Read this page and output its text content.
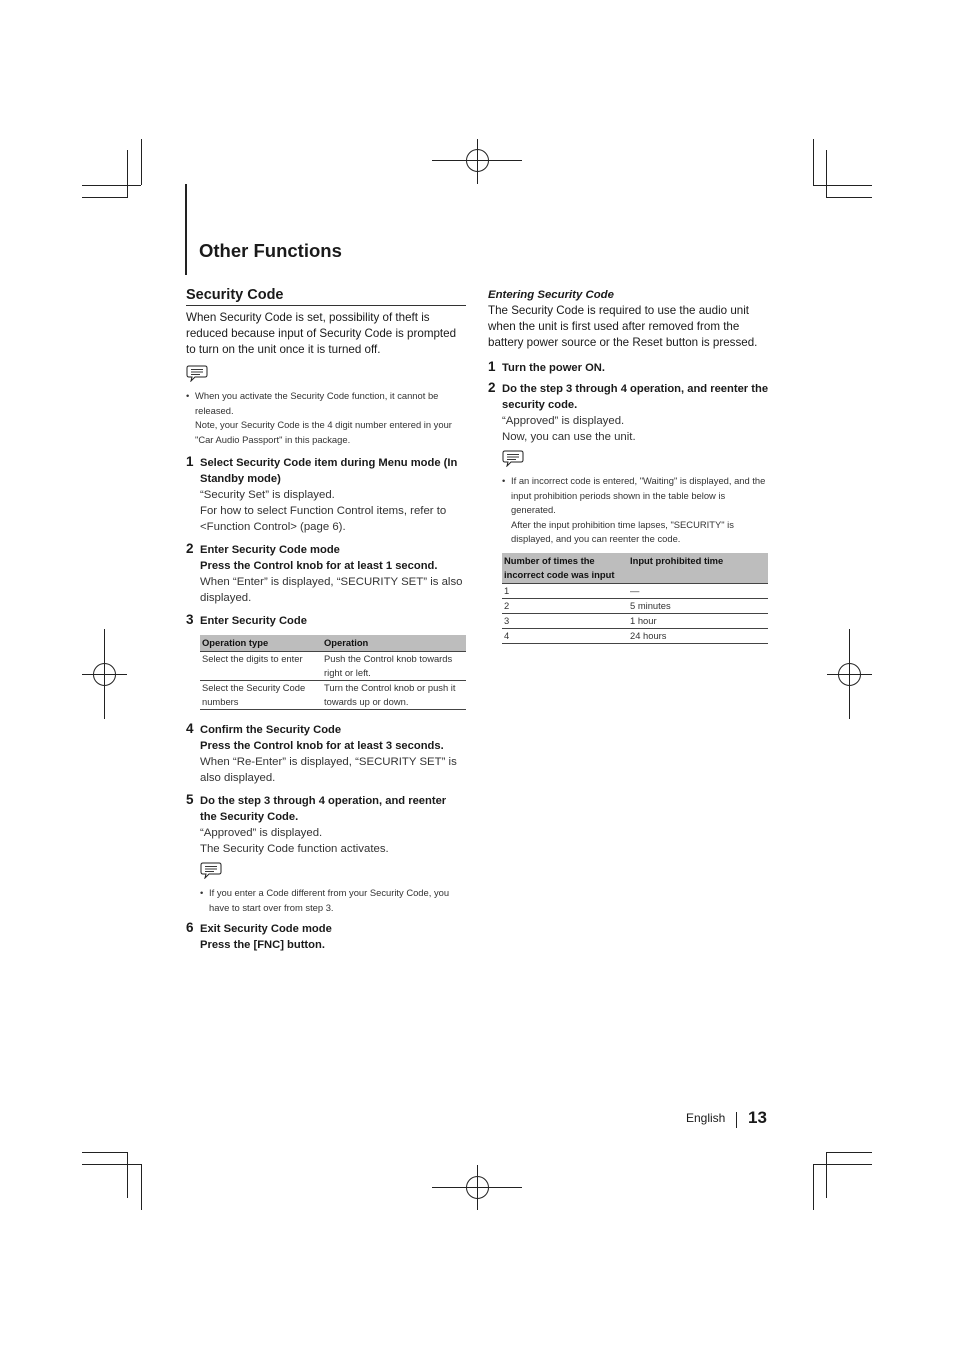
Other Functions
Security Code

When Security Code is set, possibility of theft is reduced because input of Security Code is prompted to turn on the unit once it is turned off.

• When you activate the Security Code function, it cannot be released.
Note, your Security Code is the 4 digit number entered in your "Car Audio Passport" in this package.
1 Select Security Code item during Menu mode (In Standby mode)
“Security Set” is displayed.
For how to select Function Control items, refer to <Function Control> (page 6).
2 Enter Security Code mode
Press the Control knob for at least 1 second.
When “Enter” is displayed, “SECURITY SET” is also displayed.
3 Enter Security Code
Operation type	Operation
Select the digits to enter	Push the Control knob towards right or left.
Select the Security Code numbers	Turn the Control knob or push it towards up or down.
4 Confirm the Security Code
Press the Control knob for at least 3 seconds.
When “Re-Enter” is displayed, “SECURITY SET” is also displayed.
5 Do the step 3 through 4 operation, and reenter the Security Code.
“Approved” is displayed.
The Security Code function activates.
• If you enter a Code different from your Security Code, you have to start over from step 3.
6 Exit Security Code mode
Press the [FNC] button.
Entering Security Code

The Security Code is required to use the audio unit when the unit is first used after removed from the battery power source or the Reset button is pressed.

1 Turn the power ON.
2 Do the step 3 through 4 operation, and reenter the security code.
“Approved” is displayed.
Now, you can use the unit.
• If an incorrect code is entered, "Waiting" is displayed, and the input prohibition periods shown in the table below is generated.
After the input prohibition time lapses, "SECURITY" is displayed, and you can reenter the code.
Number of times the incorrect code was input	Input prohibited time
1	—
2	5 minutes
3	1 hour
4	24 hours
English 13
